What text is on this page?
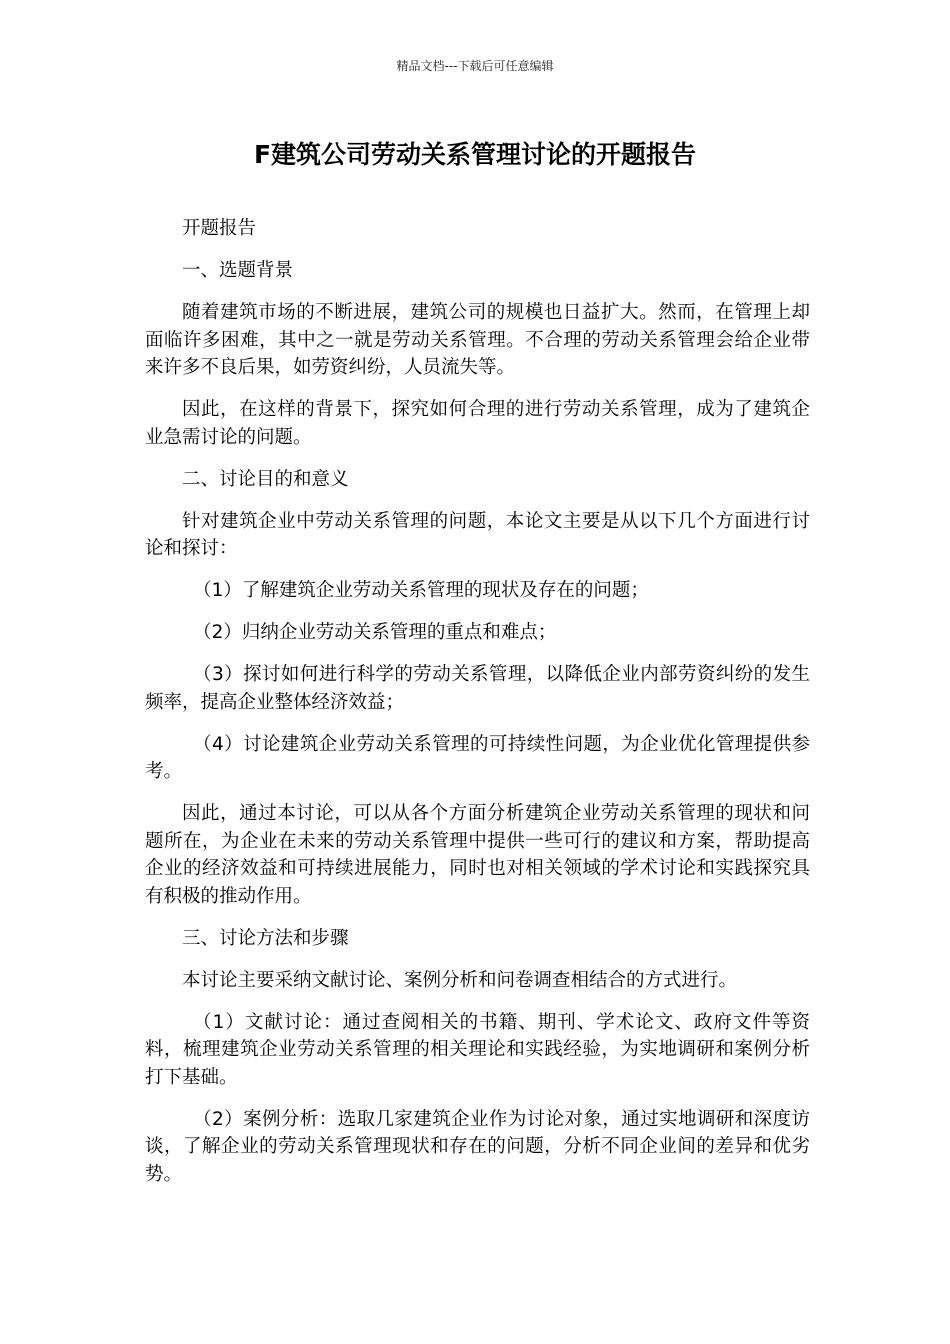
精品文档---下载后可任意编辑
F建筑公司劳动关系管理讨论的开题报告

开题报告

一、选题背景

随着建筑市场的不断进展，建筑公司的规模也日益扩大。然而，在管理上却面临许多困难，其中之一就是劳动关系管理。不合理的劳动关系管理会给企业带来许多不良后果，如劳资纠纷，人员流失等。

因此，在这样的背景下，探究如何合理的进行劳动关系管理，成为了建筑企业急需讨论的问题。

二、讨论目的和意义

针对建筑企业中劳动关系管理的问题，本论文主要是从以下几个方面进行讨论和探讨：

（1）了解建筑企业劳动关系管理的现状及存在的问题；

（2）归纳企业劳动关系管理的重点和难点；

（3）探讨如何进行科学的劳动关系管理，以降低企业内部劳资纠纷的发生频率，提高企业整体经济效益；

（4）讨论建筑企业劳动关系管理的可持续性问题，为企业优化管理提供参考。

因此，通过本讨论，可以从各个方面分析建筑企业劳动关系管理的现状和问题所在，为企业在未来的劳动关系管理中提供一些可行的建议和方案，帮助提高企业的经济效益和可持续进展能力，同时也对相关领域的学术讨论和实践探究具有积极的推动作用。

三、讨论方法和步骤

本讨论主要采纳文献讨论、案例分析和问卷调查相结合的方式进行。

（1）文献讨论：通过查阅相关的书籍、期刊、学术论文、政府文件等资料，梳理建筑企业劳动关系管理的相关理论和实践经验，为实地调研和案例分析打下基础。

（2）案例分析：选取几家建筑企业作为讨论对象，通过实地调研和深度访谈，了解企业的劳动关系管理现状和存在的问题，分析不同企业间的差异和优劣势。
